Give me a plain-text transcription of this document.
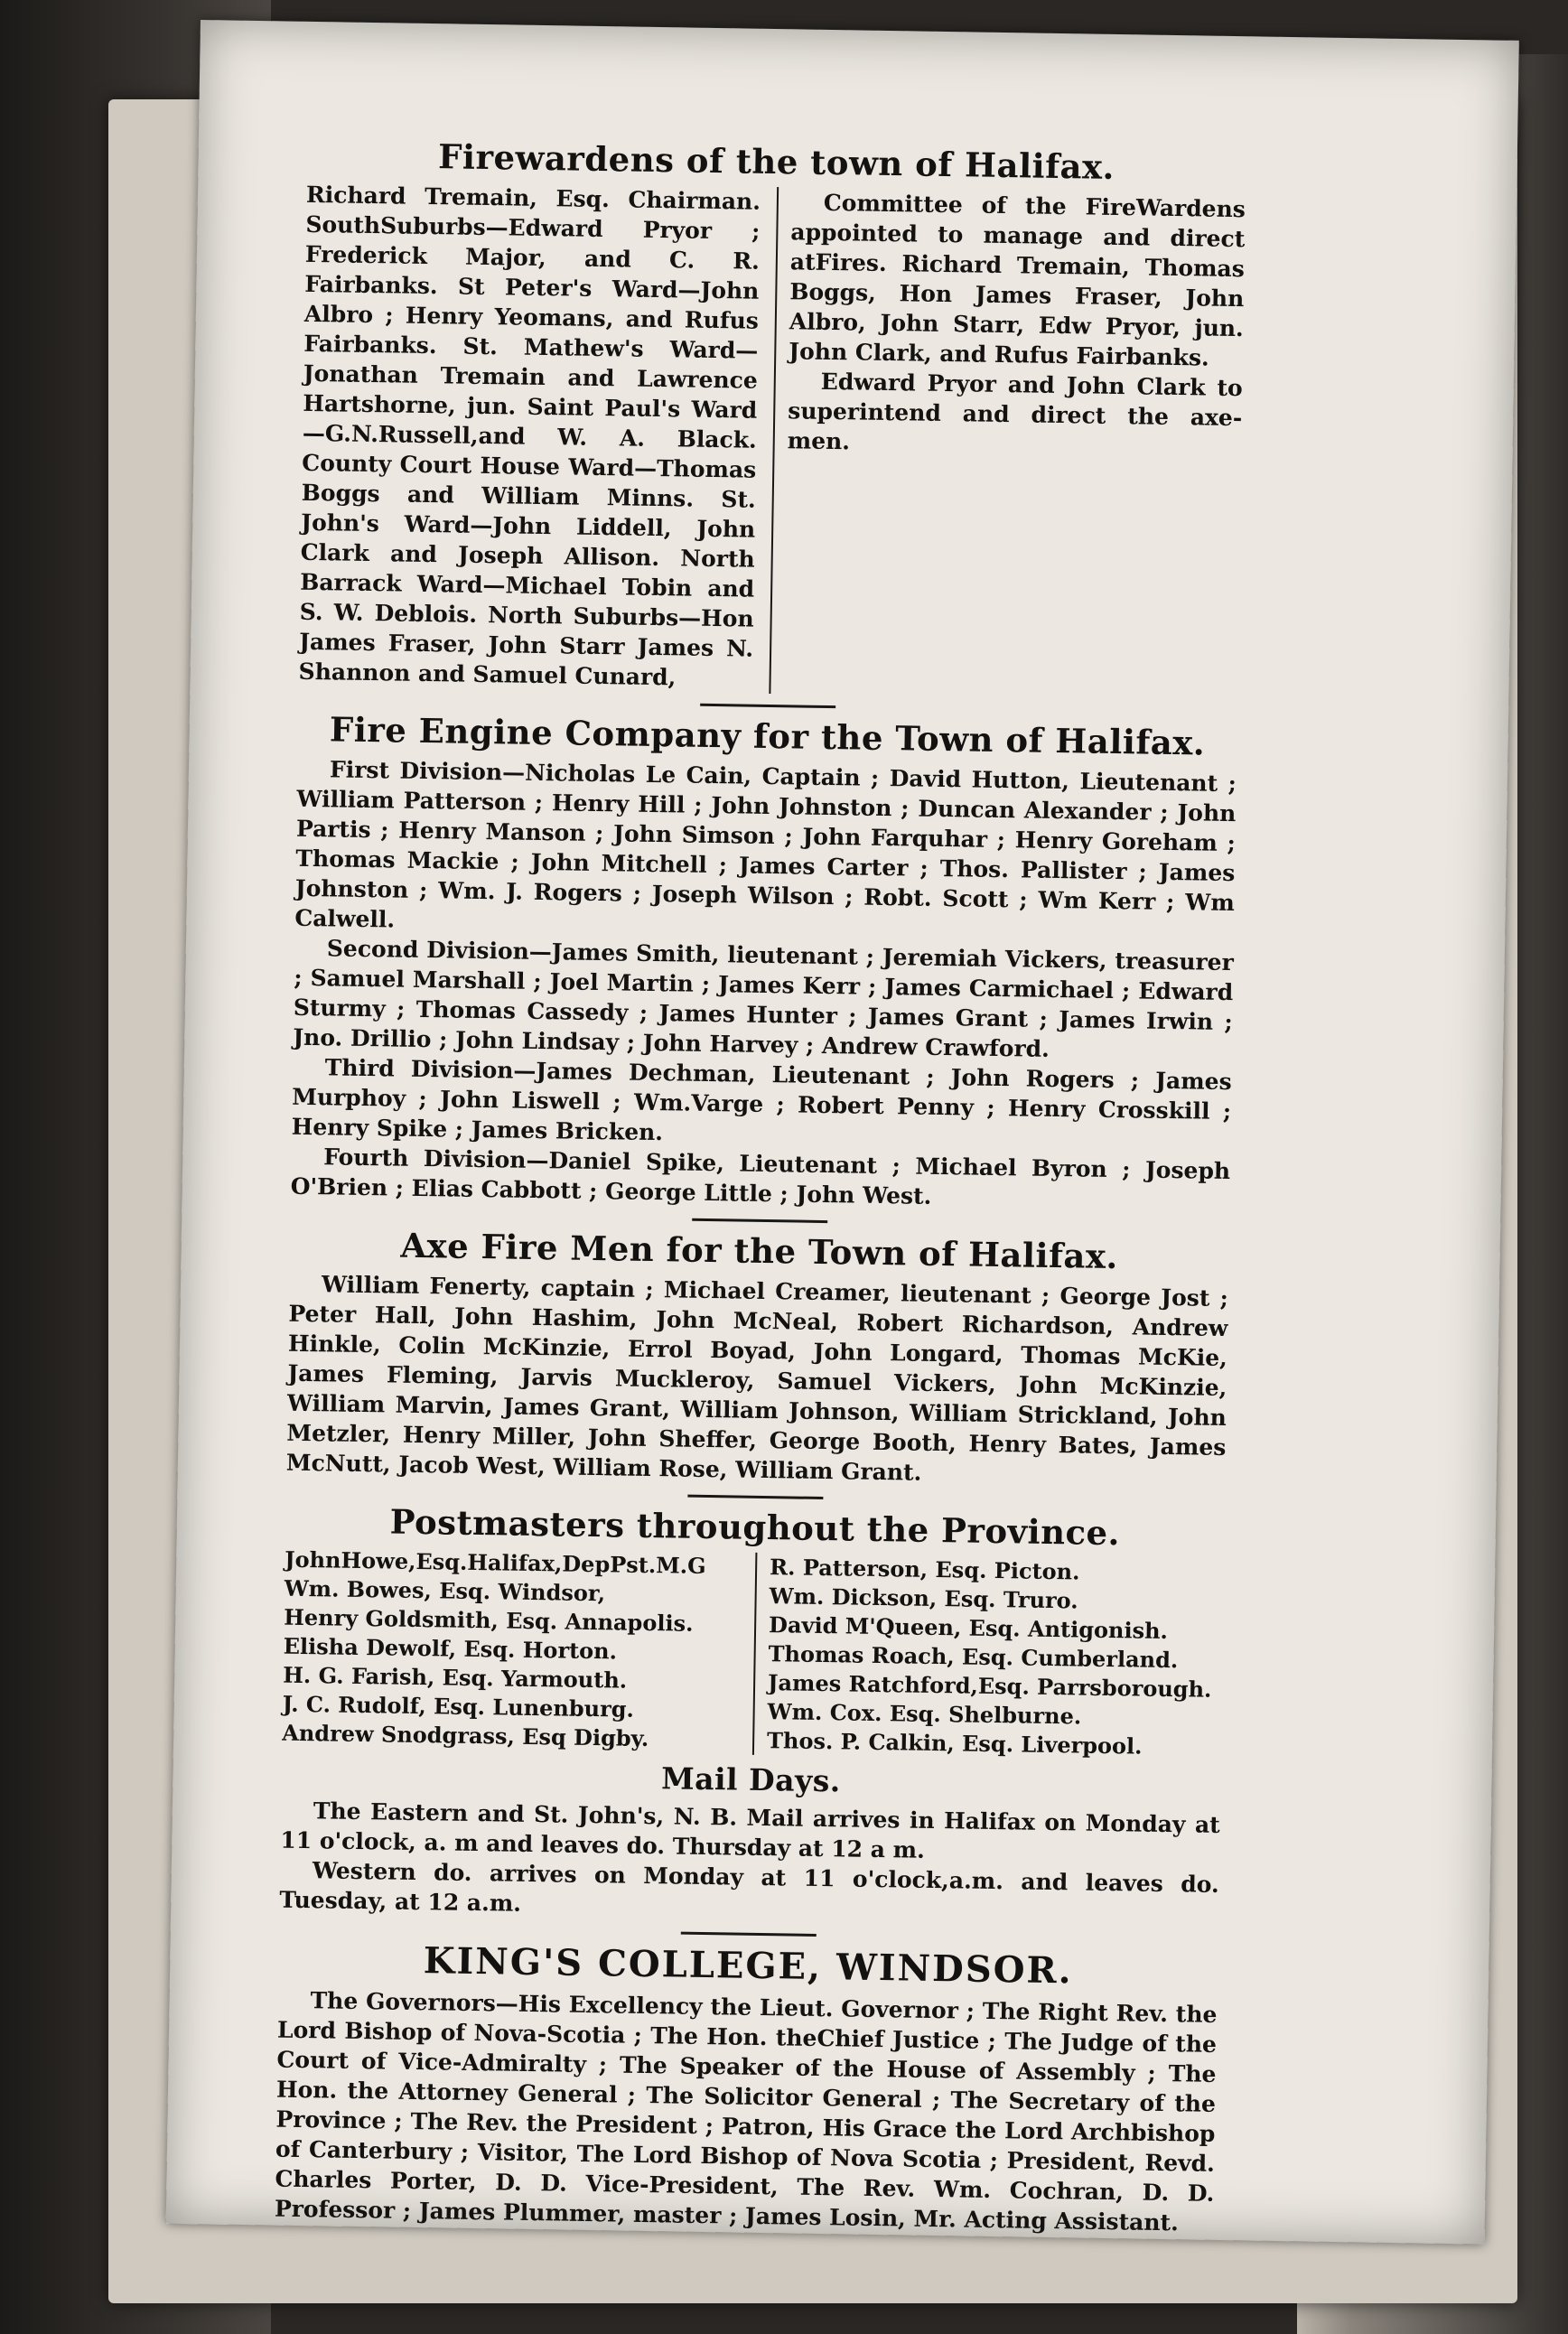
Firewardens of the town of Halifax.

Richard Tremain, Esq. Chairman. SouthSuburbs—Edward Pryor ; Frederick Major, and C. R. Fairbanks. St Peter's Ward—John Albro ; Henry Yeomans, and Rufus Fairbanks. St. Mathew's Ward—Jonathan Tremain and Lawrence Hartshorne, jun. Saint Paul's Ward—G.N.Russell,and W. A. Black. County Court House Ward—Thomas Boggs and William Minns. St. John's Ward—John Liddell, John Clark and Joseph Allison. North Barrack Ward—Michael Tobin and S. W. Deblois. North Suburbs—Hon James Fraser, John Starr James N. Shannon and Samuel Cunard,

Committee of the FireWardens appointed to manage and direct atFires. Richard Tremain, Thomas Boggs, Hon James Fraser, John Albro, John Starr, Edw Pryor, jun. John Clark, and Rufus Fairbanks.

Edward Pryor and John Clark to superintend and direct the axe-men.

Fire Engine Company for the Town of Halifax.

First Division—Nicholas Le Cain, Captain ; David Hutton, Lieutenant ; William Patterson ; Henry Hill ; John Johnston ; Duncan Alexander ; John Partis ; Henry Manson ; John Simson ; John Farquhar ; Henry Goreham ; Thomas Mackie ; John Mitchell ; James Carter ; Thos. Pallister ; James Johnston ; Wm. J. Rogers ; Joseph Wilson ; Robt. Scott ; Wm Kerr ; Wm Calwell.

Second Division—James Smith, lieutenant ; Jeremiah Vickers, treasurer ; Samuel Marshall ; Joel Martin ; James Kerr ; James Carmichael ; Edward Sturmy ; Thomas Cassedy ; James Hunter ; James Grant ; James Irwin ; Jno. Drillio ; John Lindsay ; John Harvey ; Andrew Crawford.

Third Division—James Dechman, Lieutenant ; John Rogers ; James Murphoy ; John Liswell ; Wm.Varge ; Robert Penny ; Henry Crosskill ; Henry Spike ; James Bricken.

Fourth Division—Daniel Spike, Lieutenant ; Michael Byron ; Joseph O'Brien ; Elias Cabbott ; George Little ; John West.

Axe Fire Men for the Town of Halifax.

William Fenerty, captain ; Michael Creamer, lieutenant ; George Jost ; Peter Hall, John Hashim, John McNeal, Robert Richardson, Andrew Hinkle, Colin McKinzie, Errol Boyad, John Longard, Thomas McKie, James Fleming, Jarvis Muckleroy, Samuel Vickers, John McKinzie, William Marvin, James Grant, William Johnson, William Strickland, John Metzler, Henry Miller, John Sheffer, George Booth, Henry Bates, James McNutt, Jacob West, William Rose, William Grant.

Postmasters throughout the Province.
JohnHowe,Esq.Halifax,DepPst.M.G
Wm. Bowes, Esq. Windsor,
Henry Goldsmith, Esq. Annapolis.
Elisha Dewolf, Esq. Horton.
H. G. Farish, Esq. Yarmouth.
J. C. Rudolf, Esq. Lunenburg.
Andrew Snodgrass, Esq Digby.
R. Patterson, Esq. Picton.
Wm. Dickson, Esq. Truro.
David M'Queen, Esq. Antigonish.
Thomas Roach, Esq. Cumberland.
James Ratchford,Esq. Parrsborough.
Wm. Cox. Esq. Shelburne.
Thos. P. Calkin, Esq. Liverpool.
Mail Days.

The Eastern and St. John's, N. B. Mail arrives in Halifax on Monday at 11 o'clock, a. m and leaves do. Thursday at 12 a m.

Western do. arrives on Monday at 11 o'clock,a.m. and leaves do. Tuesday, at 12 a.m.

KING'S COLLEGE, WINDSOR.

The Governors—His Excellency the Lieut. Governor ; The Right Rev. the Lord Bishop of Nova-Scotia ; The Hon. theChief Justice ; The Judge of the Court of Vice-Admiralty ; The Speaker of the House of Assembly ; The Hon. the Attorney General ; The Solicitor General ; The Secretary of the Province ; The Rev. the President ; Patron, His Grace the Lord Archbishop of Canterbury ; Visitor, The Lord Bishop of Nova Scotia ; President, Revd. Charles Porter, D. D. Vice-President, The Rev. Wm. Cochran, D. D. Professor ; James Plummer, master ; James Losin, Mr. Acting Assistant.
